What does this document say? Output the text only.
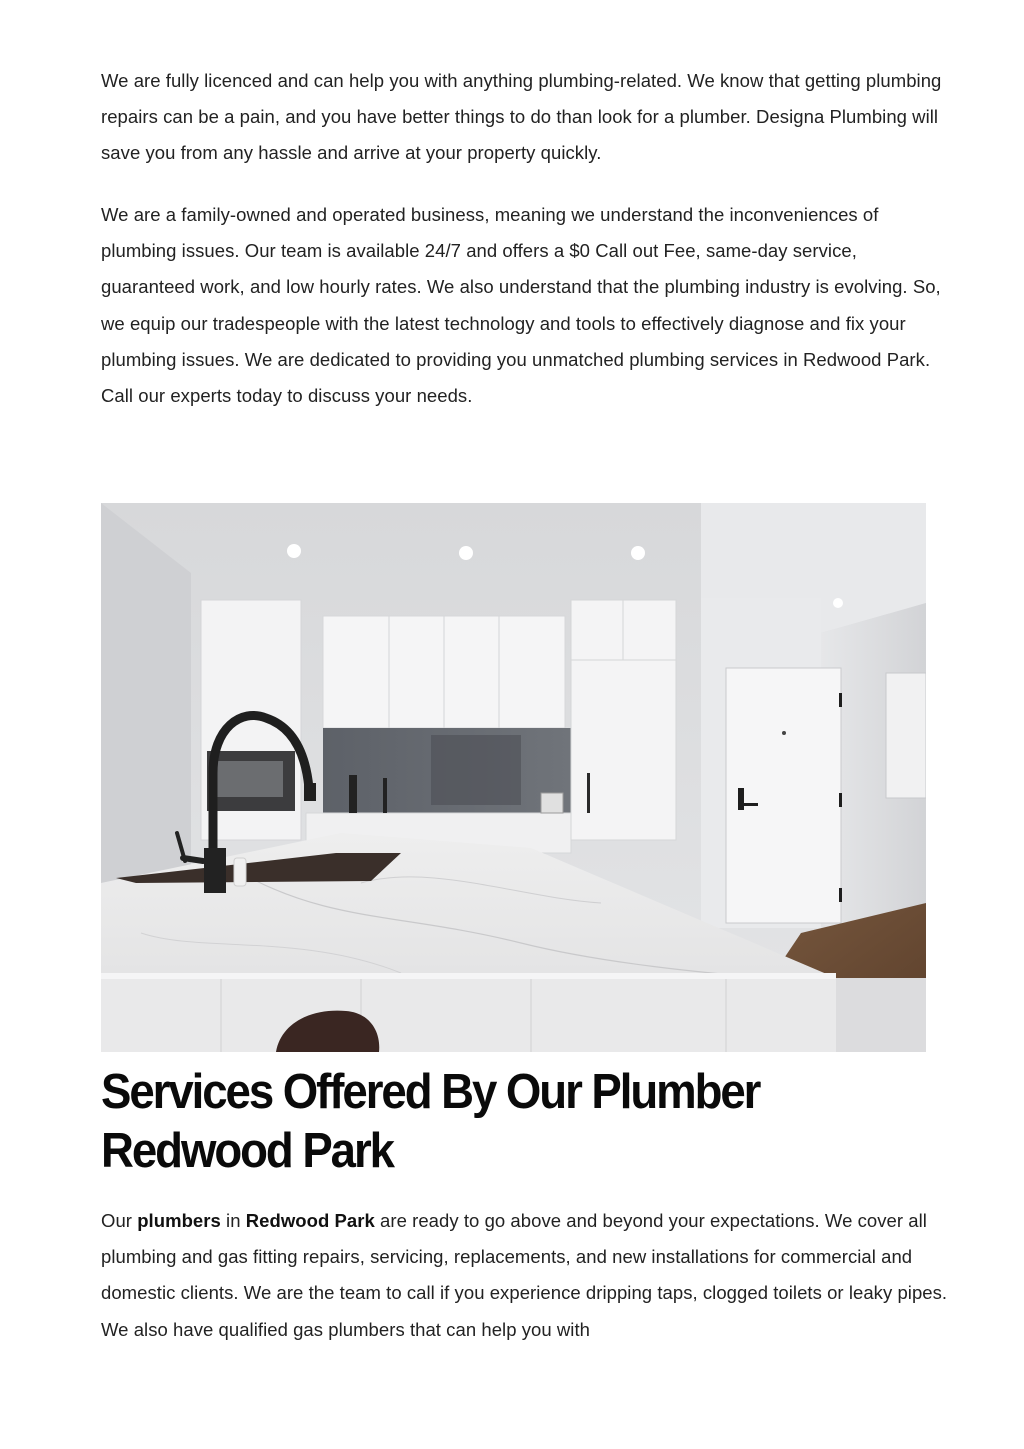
We are fully licenced and can help you with anything plumbing-related. We know that getting plumbing repairs can be a pain, and you have better things to do than look for a plumber. Designa Plumbing will save you from any hassle and arrive at your property quickly.

We are a family-owned and operated business, meaning we understand the inconveniences of plumbing issues. Our team is available 24/7 and offers a $0 Call out Fee, same-day service, guaranteed work, and low hourly rates. We also understand that the plumbing industry is evolving. So, we equip our tradespeople with the latest technology and tools to effectively diagnose and fix your plumbing issues. We are dedicated to providing you unmatched plumbing services in Redwood Park. Call our experts today to discuss your needs.

Services Offered By Our Plumber Redwood Park

Our plumbers in Redwood Park are ready to go above and beyond your expectations. We cover all plumbing and gas fitting repairs, servicing, replacements, and new installations for commercial and domestic clients. We are the team to call if you experience dripping taps, clogged toilets or leaky pipes. We also have qualified gas plumbers that can help you with
